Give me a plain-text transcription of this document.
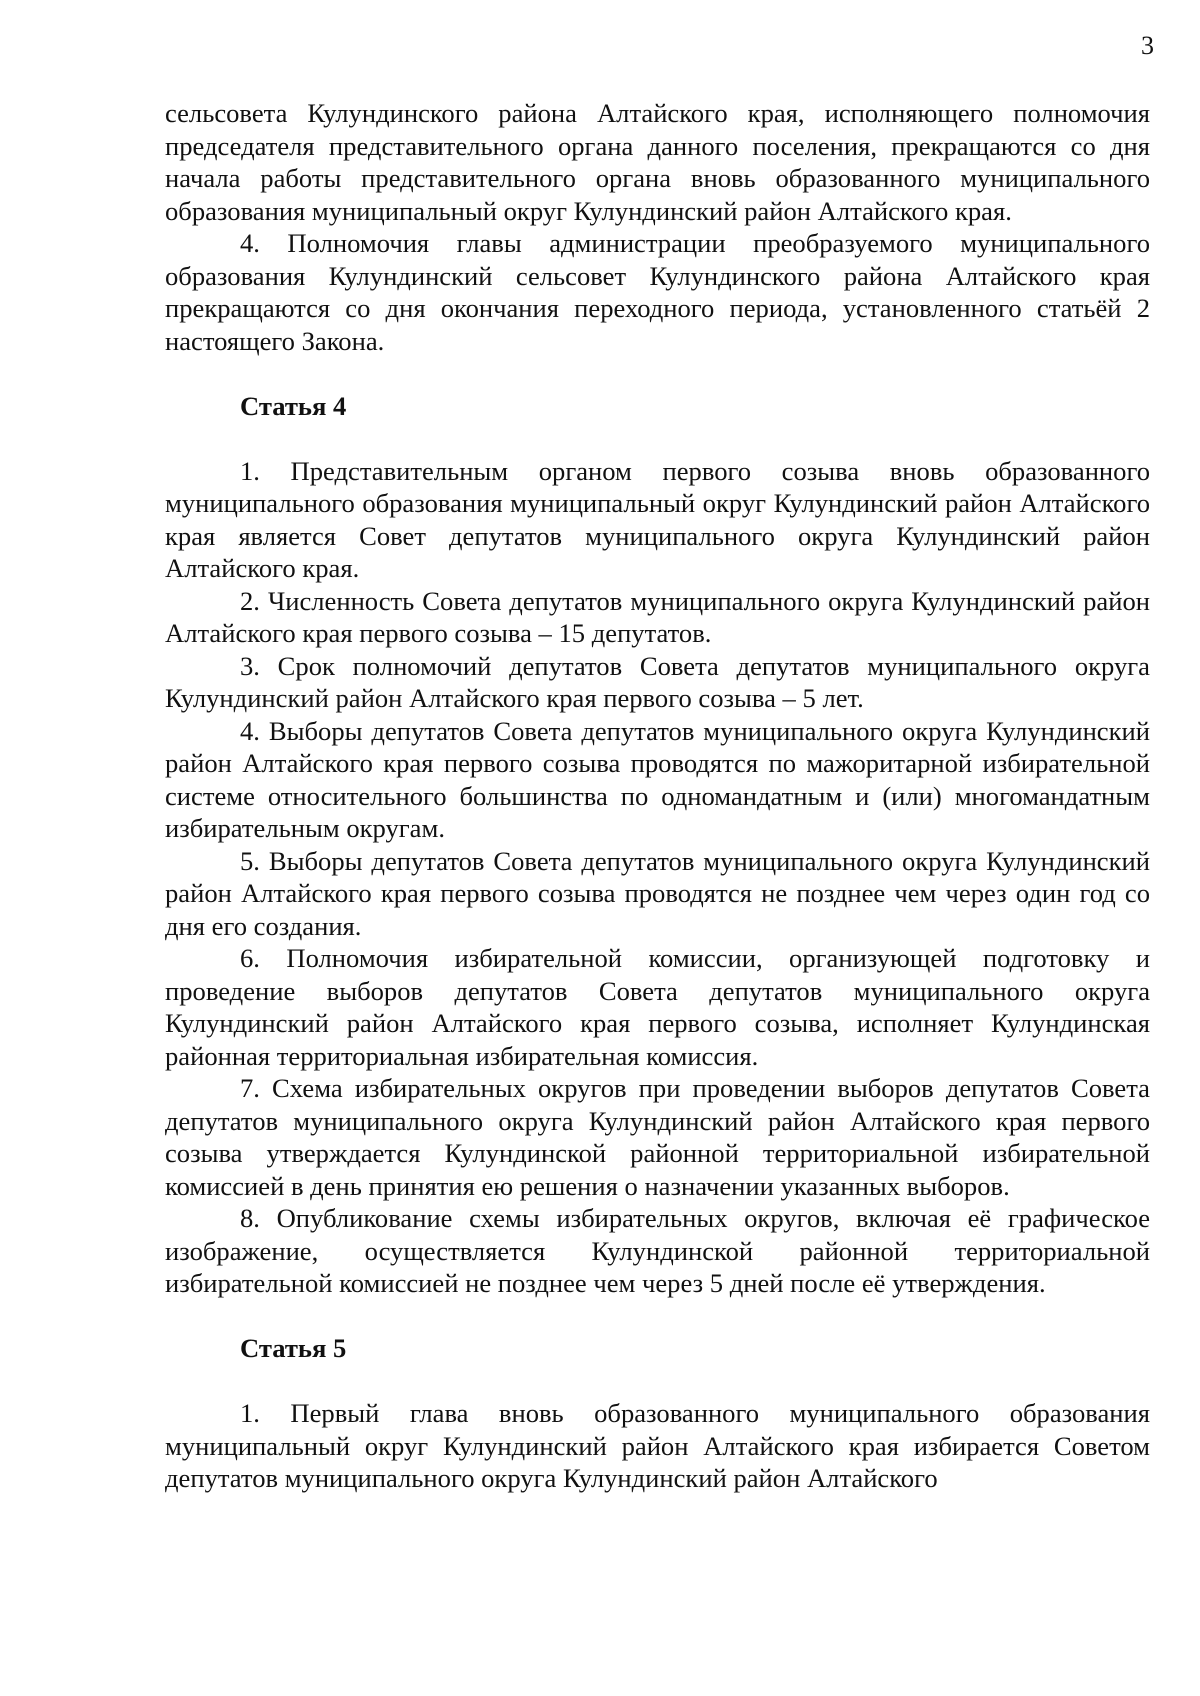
3

сельсовета Кулундинского района Алтайского края, исполняющего полномочия председателя представительного органа данного поселения, прекращаются со дня начала работы представительного органа вновь образованного муниципального образования муниципальный округ Кулундинский район Алтайского края.

4. Полномочия главы администрации преобразуемого муниципального образования Кулундинский сельсовет Кулундинского района Алтайского края прекращаются со дня окончания переходного периода, установленного статьёй 2 настоящего Закона.

Статья 4

1. Представительным органом первого созыва вновь образованного муниципального образования муниципальный округ Кулундинский район Алтайского края является Совет депутатов муниципального округа Кулундинский район Алтайского края.

2. Численность Совета депутатов муниципального округа Кулундинский район Алтайского края первого созыва – 15 депутатов.

3. Срок полномочий депутатов Совета депутатов муниципального округа Кулундинский район Алтайского края первого созыва – 5 лет.

4. Выборы депутатов Совета депутатов муниципального округа Кулундинский район Алтайского края первого созыва проводятся по мажоритарной избирательной системе относительного большинства по одномандатным и (или) многомандатным избирательным округам.

5. Выборы депутатов Совета депутатов муниципального округа Кулундинский район Алтайского края первого созыва проводятся не позднее чем через один год со дня его создания.

6. Полномочия избирательной комиссии, организующей подготовку и проведение выборов депутатов Совета депутатов муниципального округа Кулундинский район Алтайского края первого созыва, исполняет Кулундинская районная территориальная избирательная комиссия.

7. Схема избирательных округов при проведении выборов депутатов Совета депутатов муниципального округа Кулундинский район Алтайского края первого созыва утверждается Кулундинской районной территориальной избирательной комиссией в день принятия ею решения о назначении указанных выборов.

8. Опубликование схемы избирательных округов, включая её графическое изображение, осуществляется Кулундинской районной территориальной избирательной комиссией не позднее чем через 5 дней после её утверждения.

Статья 5

1. Первый глава вновь образованного муниципального образования муниципальный округ Кулундинский район Алтайского края избирается Советом депутатов муниципального округа Кулундинский район Алтайского
